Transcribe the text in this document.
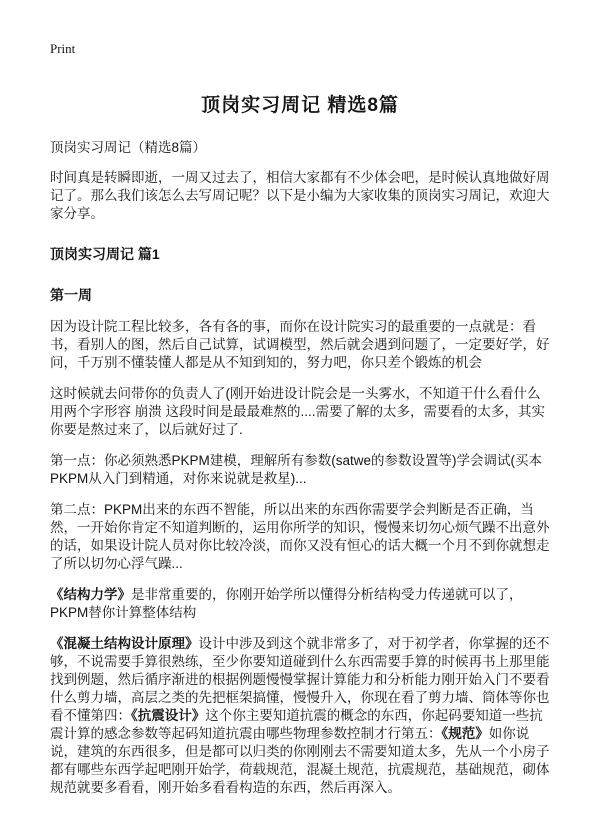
Print
顶岗实习周记 精选8篇

顶岗实习周记（精选8篇）

时间真是转瞬即逝，一周又过去了，相信大家都有不少体会吧，是时候认真地做好周记了。那么我们该怎么去写周记呢？以下是小编为大家收集的顶岗实习周记，欢迎大家分享。

顶岗实习周记 篇1
第一周

因为设计院工程比较多，各有各的事，而你在设计院实习的最重要的一点就是：看书，看别人的图，然后自己试算，试调模型，然后就会遇到问题了，一定要好学，好问，千万别不懂装懂人都是从不知到知的，努力吧，你只差个锻炼的机会

这时候就去问带你的负责人了(刚开始进设计院会是一头雾水，不知道干什么看什么用两个字形容 崩溃 这段时间是最最难熬的....需要了解的太多，需要看的太多，其实你要是熬过来了，以后就好过了.

第一点：你必须熟悉PKPM建模，理解所有参数(satwe的参数设置等)学会调试(买本PKPM从入门到精通，对你来说就是救星)...

第二点：PKPM出来的东西不智能，所以出来的东西你需要学会判断是否正确，当然，一开始你肯定不知道判断的，运用你所学的知识，慢慢来切勿心烦气躁不出意外的话，如果设计院人员对你比较冷淡，而你又没有恒心的话大概一个月不到你就想走了所以切勿心浮气躁...

《结构力学》是非常重要的，你刚开始学所以懂得分析结构受力传递就可以了，PKPM替你计算整体结构

《混凝土结构设计原理》设计中涉及到这个就非常多了，对于初学者，你掌握的还不够，不说需要手算很熟练，至少你要知道碰到什么东西需要手算的时候再书上那里能找到例题，然后循序渐进的根据例题慢慢掌握计算能力和分析能力刚开始入门不要看什么剪力墙，高层之类的先把框架搞懂，慢慢升入，你现在看了剪力墙、筒体等你也看不懂第四：《抗震设计》这个你主要知道抗震的概念的东西，你起码要知道一些抗震计算的感念参数等起码知道抗震由哪些物理参数控制才行第五：《规范》如你说说，建筑的东西很多，但是都可以归类的你刚刚去不需要知道太多，先从一个小房子都有哪些东西学起吧刚开始学，荷载规范，混凝土规范，抗震规范，基础规范，砌体规范就要多看看，刚开始多看看构造的东西，然后再深入。
